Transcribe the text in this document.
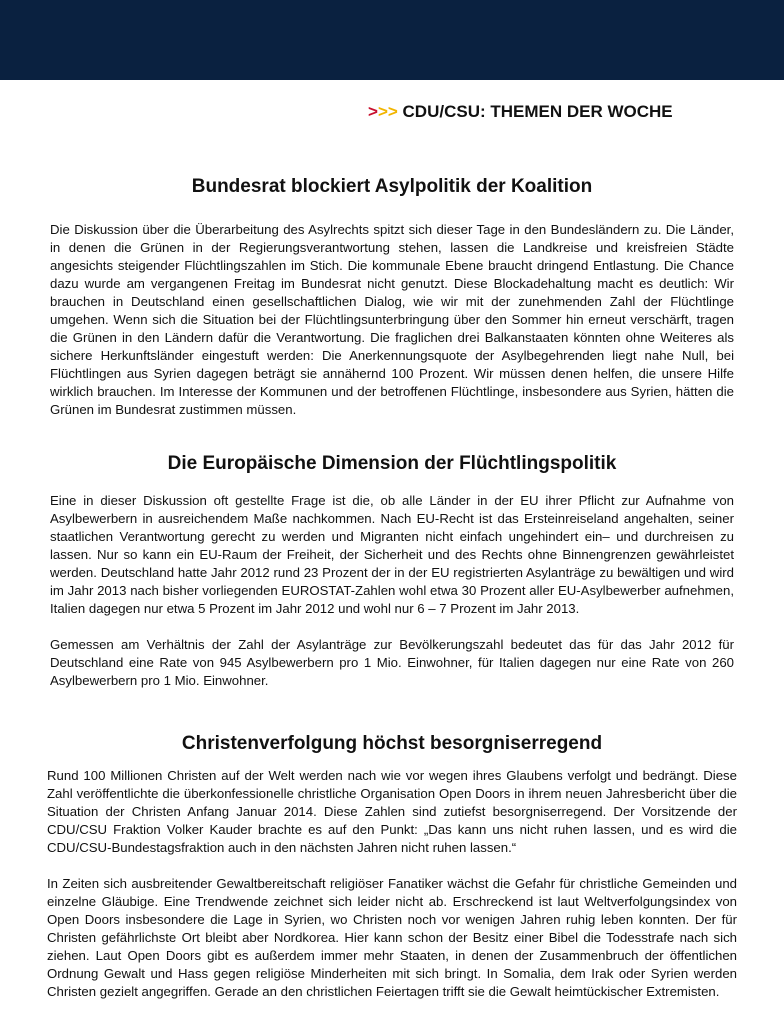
>>> CDU/CSU: THEMEN DER WOCHE
Bundesrat blockiert Asylpolitik der Koalition
Die Diskussion über die Überarbeitung des Asylrechts spitzt sich dieser Tage in den Bundesländern zu. Die Länder, in denen die Grünen in der Regierungsverantwortung stehen, lassen die Landkreise und kreisfreien Städte angesichts steigender Flüchtlingszahlen im Stich. Die kommunale Ebene braucht dringend Entlastung. Die Chance dazu wurde am vergangenen Freitag im Bundesrat nicht genutzt. Diese Blockadehaltung macht es deutlich: Wir brauchen in Deutschland einen gesellschaftlichen Dialog, wie wir mit der zunehmenden Zahl der Flüchtlinge umgehen. Wenn sich die Situation bei der Flüchtlingsunterbringung über den Sommer hin erneut verschärft, tragen die Grünen in den Ländern dafür die Verantwortung. Die fraglichen drei Balkanstaaten könnten ohne Weiteres als sichere Herkunftsländer eingestuft werden: Die Anerkennungsquote der Asylbegehrenden liegt nahe Null, bei Flüchtlingen aus Syrien dagegen beträgt sie annähernd 100 Prozent. Wir müssen denen helfen, die unsere Hilfe wirklich brauchen. Im Interesse der Kommunen und der betroffenen Flüchtlinge, insbesondere aus Syrien, hätten die Grünen im Bundesrat zustimmen müssen.
Die Europäische Dimension der Flüchtlingspolitik
Eine in dieser Diskussion oft gestellte Frage ist die, ob alle Länder in der EU ihrer Pflicht zur Aufnahme von Asylbewerbern in ausreichendem Maße nachkommen. Nach EU-Recht ist das Ersteinreiseland angehalten, seiner staatlichen Verantwortung gerecht zu werden und Migranten nicht einfach ungehindert ein– und durchreisen zu lassen. Nur so kann ein EU-Raum der Freiheit, der Sicherheit und des Rechts ohne Binnengrenzen gewährleistet werden. Deutschland hatte Jahr 2012 rund 23 Prozent der in der EU registrierten Asylanträge zu bewältigen und wird im Jahr 2013 nach bisher vorliegenden EUROSTAT-Zahlen wohl etwa 30 Prozent aller EU-Asylbewerber aufnehmen, Italien dagegen nur etwa 5 Prozent im Jahr 2012 und wohl nur 6 – 7 Prozent im Jahr 2013.
Gemessen am Verhältnis der Zahl der Asylanträge zur Bevölkerungszahl bedeutet das für das Jahr 2012 für Deutschland eine Rate von 945 Asylbewerbern pro 1 Mio. Einwohner, für Italien dagegen nur eine Rate von 260 Asylbewerbern pro 1 Mio. Einwohner.
Christenverfolgung höchst besorgniserregend
Rund 100 Millionen Christen auf der Welt werden nach wie vor wegen ihres Glaubens verfolgt und bedrängt. Diese Zahl veröffentlichte die überkonfessionelle christliche Organisation Open Doors in ihrem neuen Jahresbericht über die Situation der Christen Anfang Januar 2014. Diese Zahlen sind zutiefst besorgniserregend. Der Vorsitzende der CDU/CSU Fraktion Volker Kauder brachte es auf den Punkt: „Das kann uns nicht ruhen lassen, und es wird die CDU/CSU-Bundestagsfraktion auch in den nächsten Jahren nicht ruhen lassen.“
In Zeiten sich ausbreitender Gewaltbereitschaft religiöser Fanatiker wächst die Gefahr für christliche Gemeinden und einzelne Gläubige. Eine Trendwende zeichnet sich leider nicht ab. Erschreckend ist laut Weltverfolgungsindex von Open Doors insbesondere die Lage in Syrien, wo Christen noch vor wenigen Jahren ruhig leben konnten. Der für Christen gefährlichste Ort bleibt aber Nordkorea. Hier kann schon der Besitz einer Bibel die Todesstrafe nach sich ziehen. Laut Open Doors gibt es außerdem immer mehr Staaten, in denen der Zusammenbruch der öffentlichen Ordnung Gewalt und Hass gegen religiöse Minderheiten mit sich bringt. In Somalia, dem Irak oder Syrien werden Christen gezielt angegriffen. Gerade an den christlichen Feiertagen trifft sie die Gewalt heimtückischer Extremisten.
